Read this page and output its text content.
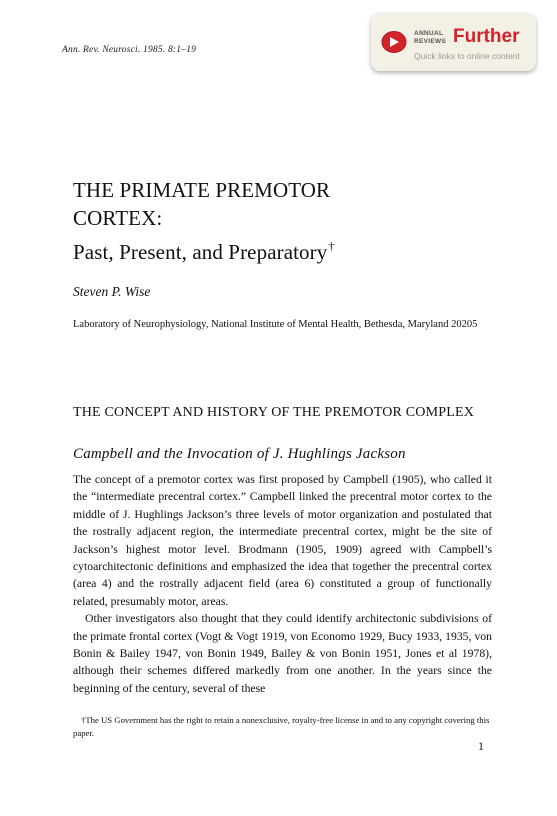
Ann. Rev. Neurosci. 1985. 8:1–19
ANNUAL
REVIEWS Further
Quick links to online content
THE PRIMATE PREMOTOR
CORTEX:
Past, Present, and Preparatory†
Steven P. Wise
Laboratory of Neurophysiology, National Institute of Mental Health, Bethesda, Maryland 20205
THE CONCEPT AND HISTORY OF THE PREMOTOR COMPLEX
Campbell and the Invocation of J. Hughlings Jackson

The concept of a premotor cortex was first proposed by Campbell (1905), who called it the “intermediate precentral cortex.” Campbell linked the precentral motor cortex to the middle of J. Hughlings Jackson’s three levels of motor organization and postulated that the rostrally adjacent region, the intermediate precentral cortex, might be the site of Jackson’s highest motor level. Brodmann (1905, 1909) agreed with Campbell’s cytoarchitectonic definitions and emphasized the idea that together the precentral cortex (area 4) and the rostrally adjacent field (area 6) constituted a group of functionally related, presumably motor, areas.

Other investigators also thought that they could identify architectonic subdivisions of the primate frontal cortex (Vogt & Vogt 1919, von Economo 1929, Bucy 1933, 1935, von Bonin & Bailey 1947, von Bonin 1949, Bailey & von Bonin 1951, Jones et al 1978), although their schemes differed markedly from one another. In the years since the beginning of the century, several of these

†The US Government has the right to retain a nonexclusive, royalty-free license in and to any copyright covering this paper.
1
